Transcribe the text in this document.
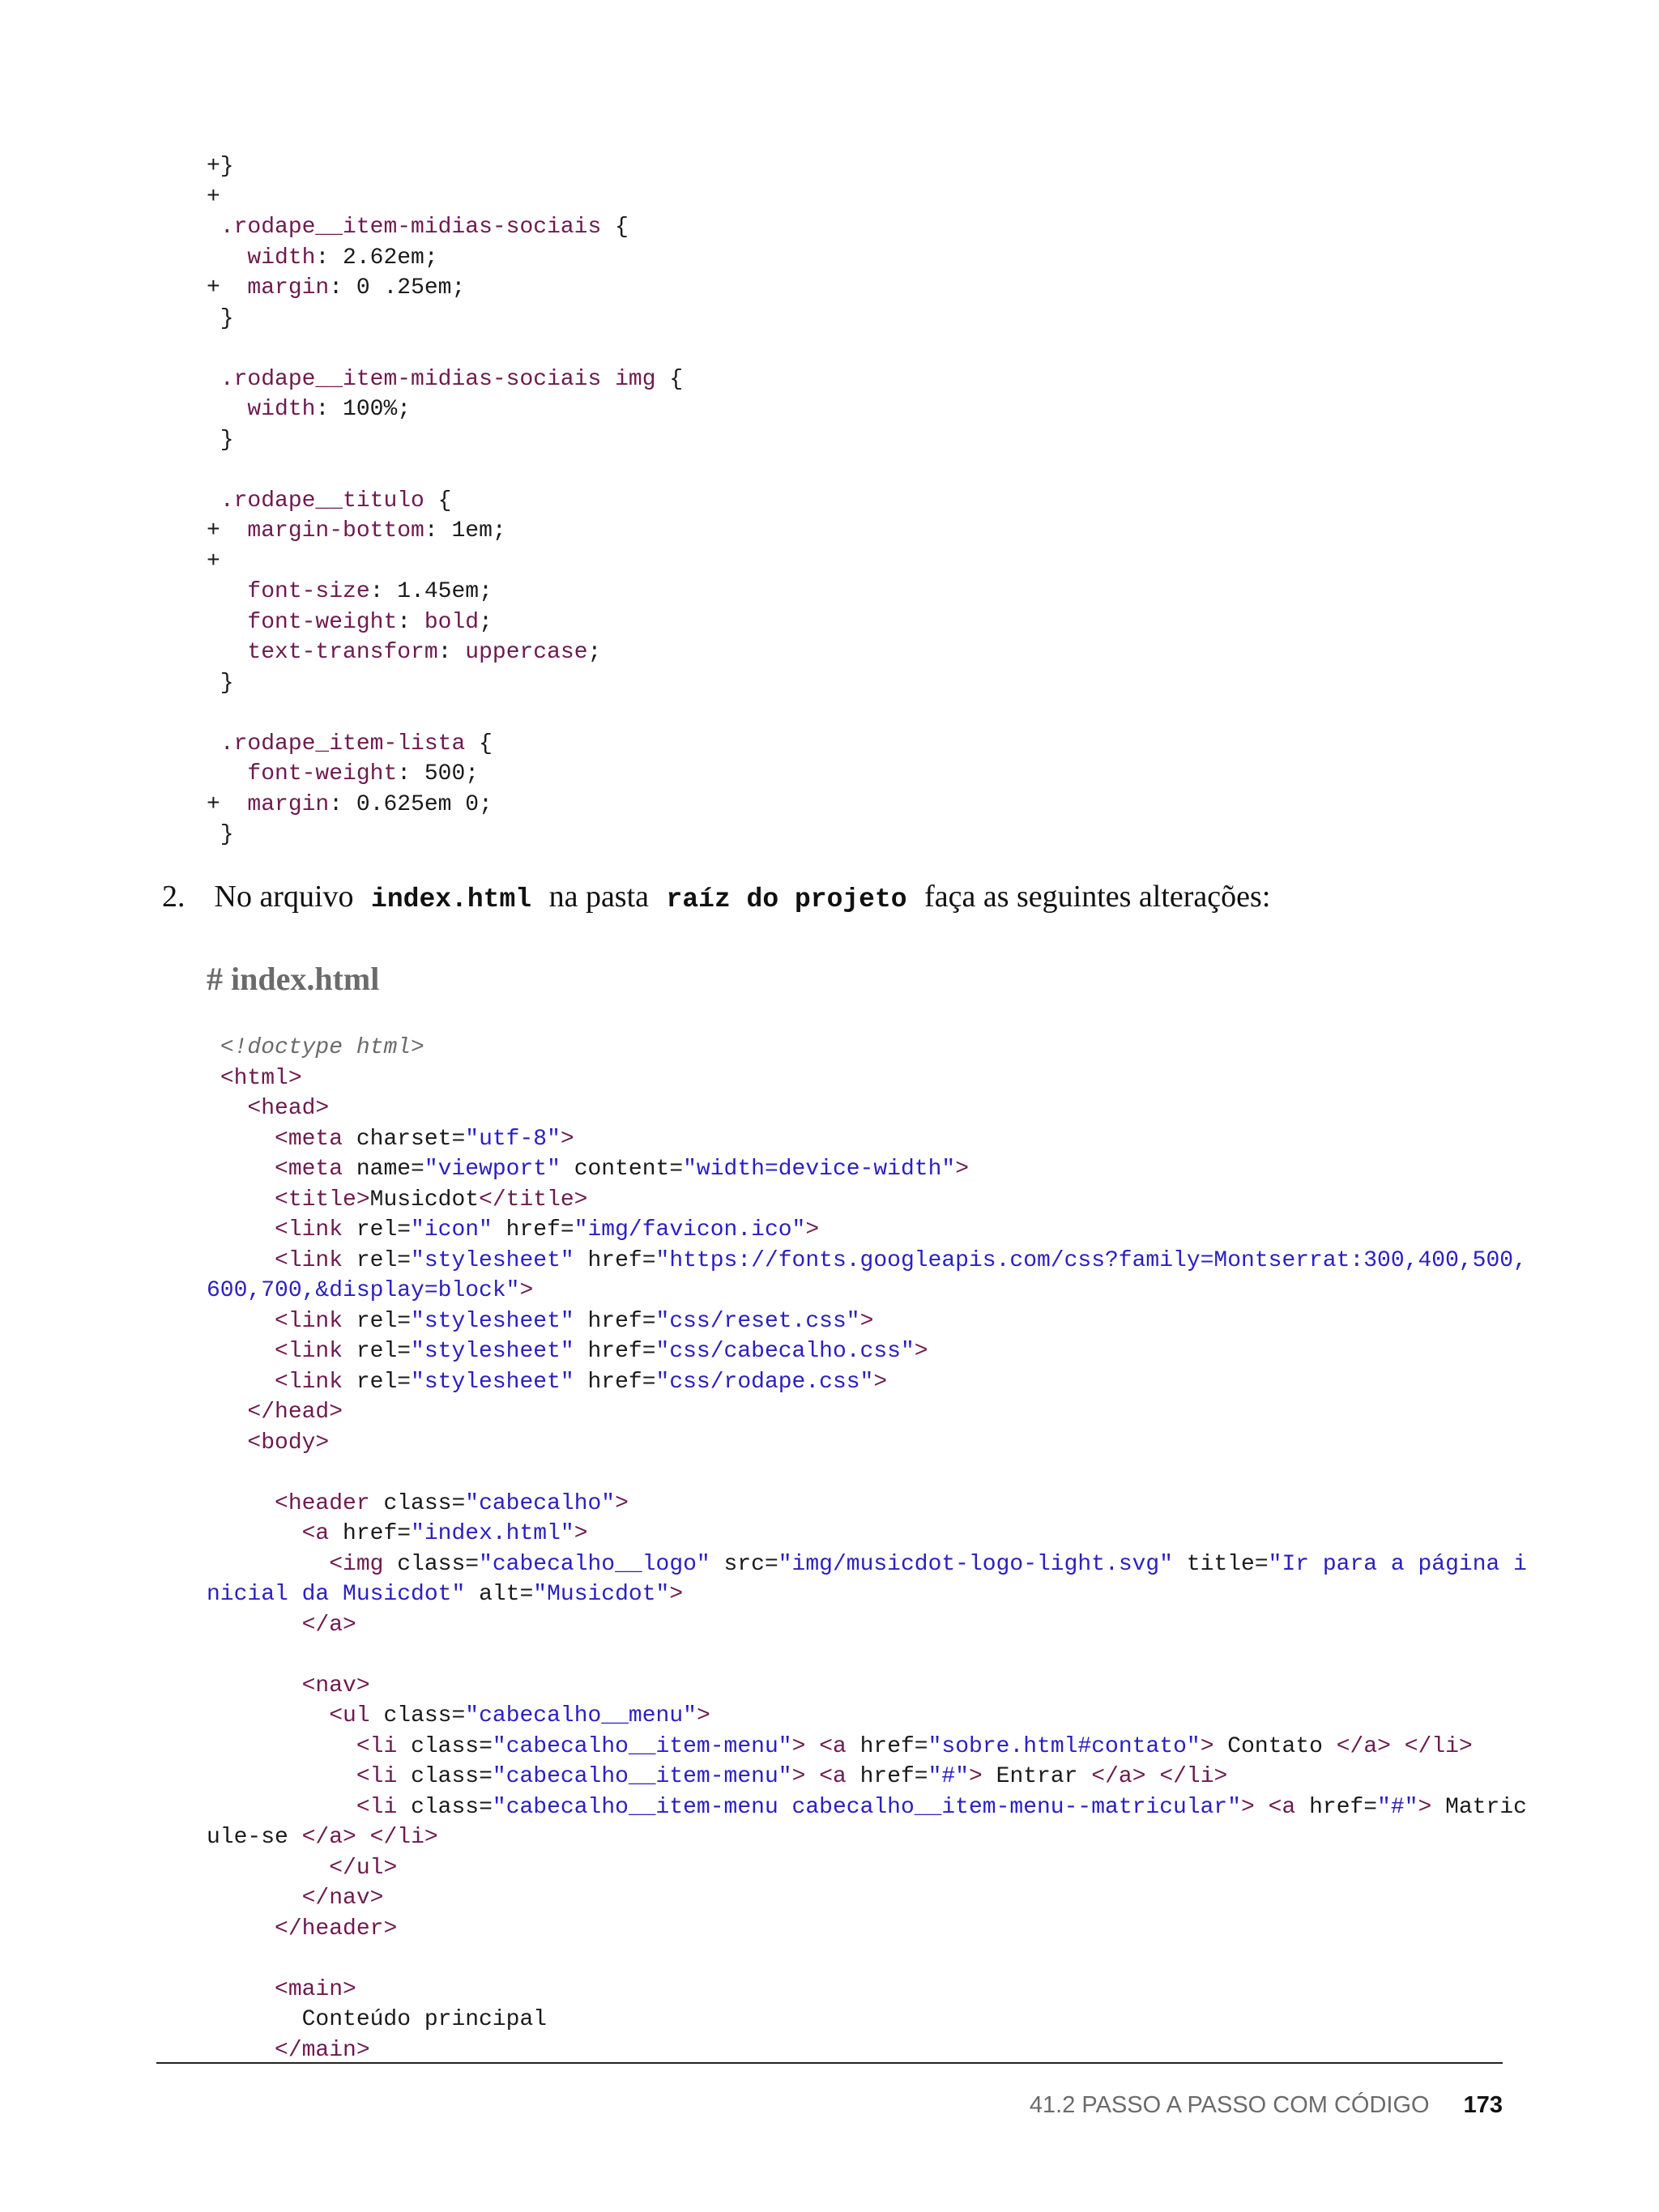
+}
+
.rodape__item-midias-sociais {
width: 2.62em;
+  margin: 0 .25em;
}
.rodape__item-midias-sociais img {
width: 100%;
}
.rodape__titulo {
+  margin-bottom: 1em;
+
font-size: 1.45em;
font-weight: bold;
text-transform: uppercase;
}
.rodape_item-lista {
font-weight: 500;
+  margin: 0.625em 0;
}
2. No arquivo index.html na pasta raíz do projeto faça as seguintes alterações:
# index.html
<!doctype html>
<html>
<head>
<meta charset="utf-8">
<meta name="viewport" content="width=device-width">
<title>Musicdot</title>
<link rel="icon" href="img/favicon.ico">
<link rel="stylesheet" href="https://fonts.googleapis.com/css?family=Montserrat:300,400,500,
600,700,&display=block">
<link rel="stylesheet" href="css/reset.css">
<link rel="stylesheet" href="css/cabecalho.css">
<link rel="stylesheet" href="css/rodape.css">
</head>
<body>
<header class="cabecalho">
<a href="index.html">
<img class="cabecalho__logo" src="img/musicdot-logo-light.svg" title="Ir para a página i
nicial da Musicdot" alt="Musicdot">
</a>
<nav>
<ul class="cabecalho__menu">
<li class="cabecalho__item-menu"> <a href="sobre.html#contato"> Contato </a> </li>
<li class="cabecalho__item-menu"> <a href="#"> Entrar </a> </li>
<li class="cabecalho__item-menu cabecalho__item-menu--matricular"> <a href="#"> Matric
ule-se </a> </li>
</ul>
</nav>
</header>
<main>
Conteúdo principal
</main>
41.2 PASSO A PASSO COM CÓDIGO 173
